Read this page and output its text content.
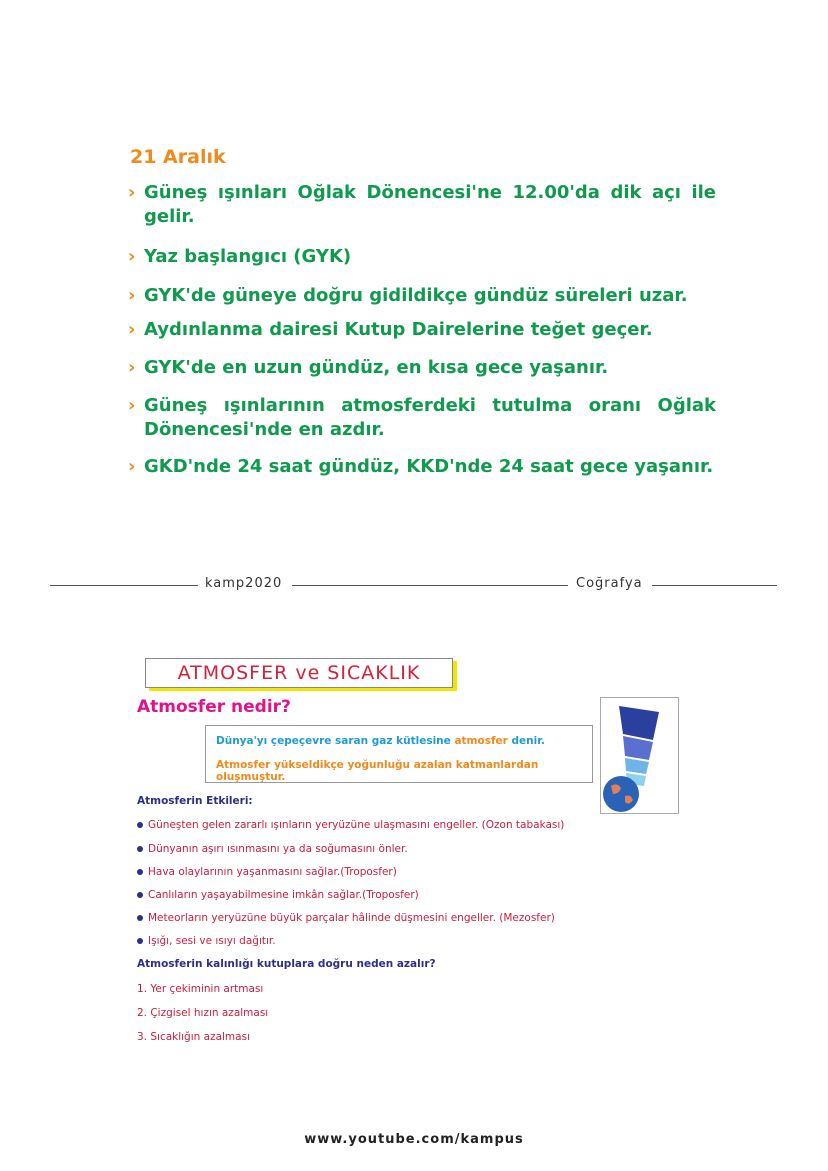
21 Aralık
› Güneş ışınları Oğlak Dönencesi'ne 12.00'da dik açı ile gelir.
› Yaz başlangıcı (GYK)
› GYK'de güneye doğru gidildikçe gündüz süreleri uzar.
› Aydınlanma dairesi Kutup Dairelerine teğet geçer.
› GYK'de en uzun gündüz, en kısa gece yaşanır.
› Güneş ışınlarının atmosferdeki tutulma oranı Oğlak Dönencesi'nde en azdır.
› GKD'nde 24 saat gündüz, KKD'nde 24 saat gece yaşanır.
kamp2020	Coğrafya
ATMOSFER ve SICAKLIK
Atmosfer nedir?
Dünya'yı çepeçevre saran gaz kütlesine atmosfer denir.
Atmosfer yükseldikçe yoğunluğu azalan katmanlardan oluşmuştur.
Atmosferin Etkileri:
Güneşten gelen zararlı ışınların yeryüzüne ulaşmasını engeller. (Ozon tabakası)
Dünyanın aşırı ısınmasını ya da soğumasını önler.
Hava olaylarının yaşanmasını sağlar.(Troposfer)
Canlıların yaşayabilmesine imkân sağlar.(Troposfer)
Meteorların yeryüzüne büyük parçalar hâlinde düşmesini engeller. (Mezosfer)
Işığı, sesi ve ısıyı dağıtır.
Atmosferin kalınlığı kutuplara doğru neden azalır?
1. Yer çekiminin artması
2. Çizgisel hızın azalması
3. Sıcaklığın azalması
www.youtube.com/kampus
